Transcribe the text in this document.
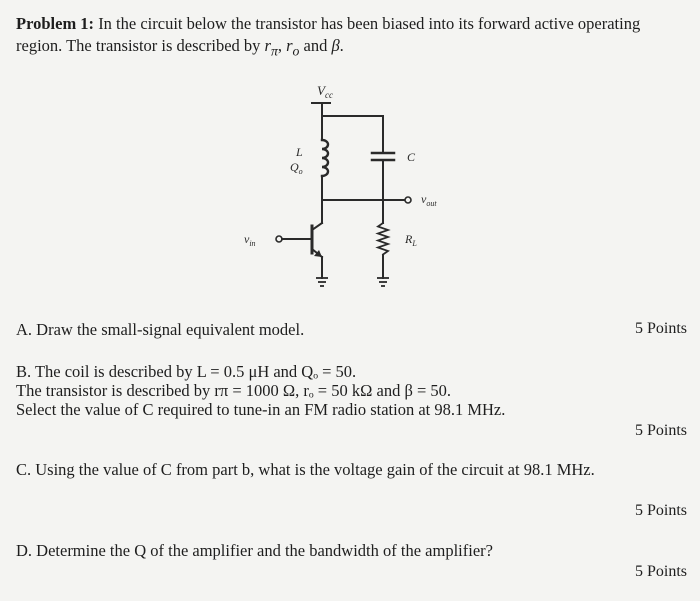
Problem 1: In the circuit below the transistor has been biased into its forward active operating
region. The transistor is described by $r_\pi$, $r_o$ and β.
$V_{cc}$
L
$Q_o$
C
$v_{out}$
$v_{in}$	$R_L$
A. Draw the small-signal equivalent model.	5 Points
B. The coil is described by L = 0.5 μH and Qₒ = 50.
The transistor is described by rπ = 1000 Ω, rₒ = 50 kΩ and β = 50.
Select the value of C required to tune-in an FM radio station at 98.1 MHz.
5 Points
C. Using the value of C from part b, what is the voltage gain of the circuit at 98.1 MHz.
5 Points
D. Determine the Q of the amplifier and the bandwidth of the amplifier?
5 Points
